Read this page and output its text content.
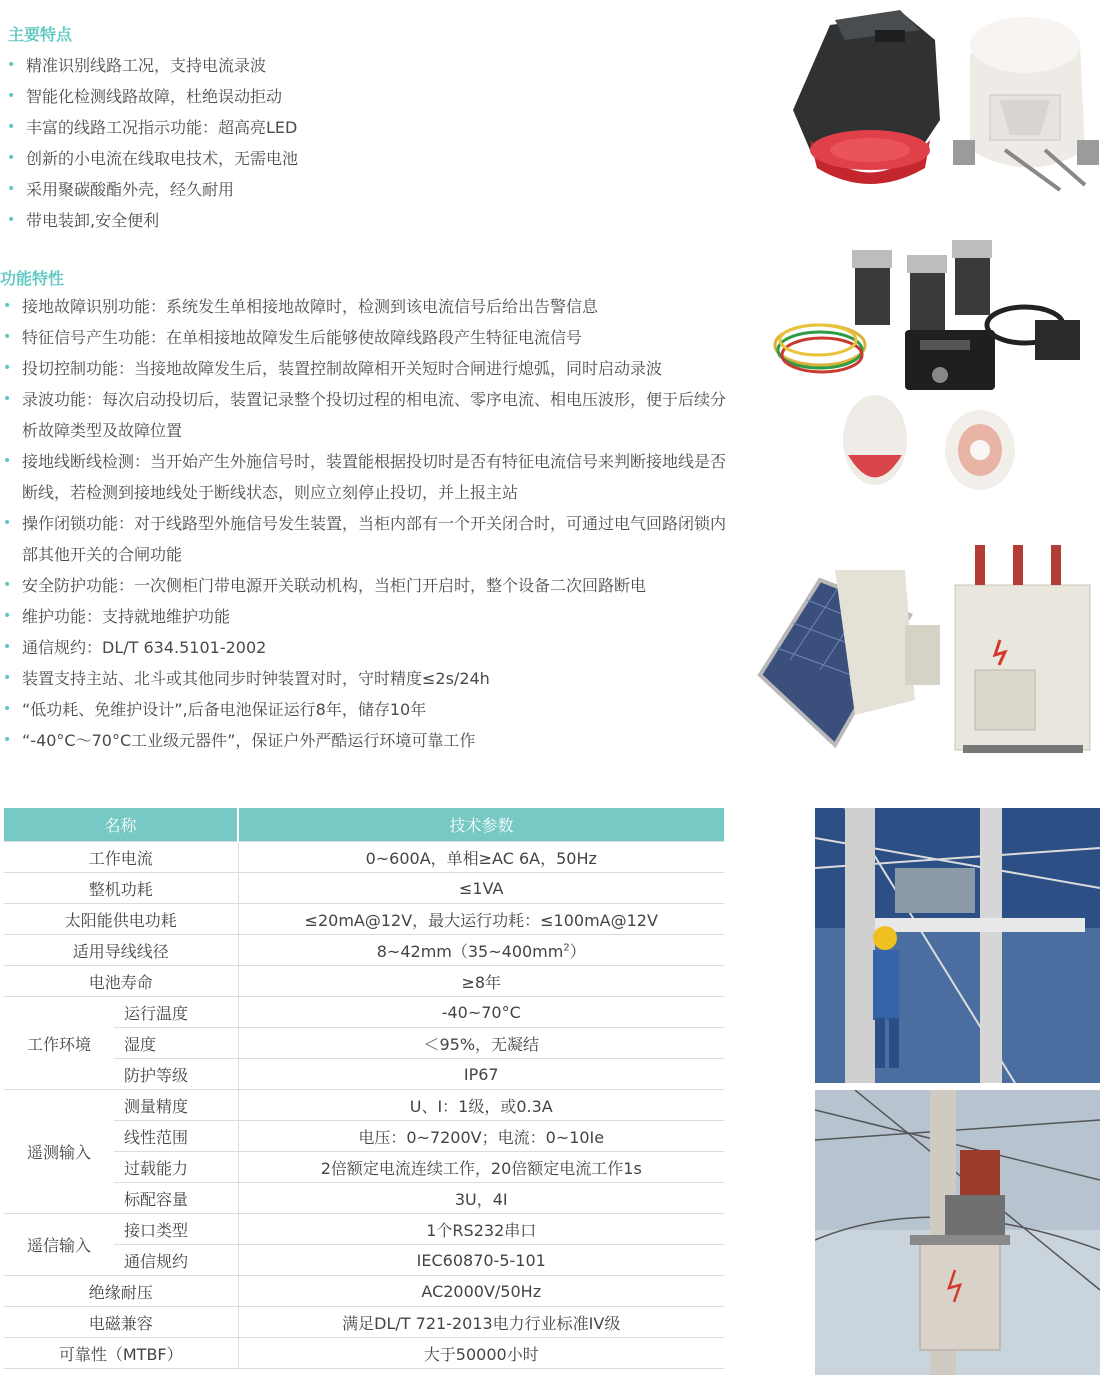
主要特点
• 精准识别线路工况，支持电流录波
• 智能化检测线路故障，杜绝误动拒动
• 丰富的线路工况指示功能：超高亮LED
• 创新的小电流在线取电技术，无需电池
• 采用聚碳酸酯外壳，经久耐用
• 带电装卸,安全便利
功能特性
• 接地故障识别功能：系统发生单相接地故障时，检测到该电流信号后给出告警信息
• 特征信号产生功能：在单相接地故障发生后能够使故障线路段产生特征电流信号
• 投切控制功能：当接地故障发生后，装置控制故障相开关短时合闸进行熄弧，同时启动录波
• 录波功能：每次启动投切后，装置记录整个投切过程的相电流、零序电流、相电压波形，便于后续分析故障类型及故障位置
• 接地线断线检测：当开始产生外施信号时，装置能根据投切时是否有特征电流信号来判断接地线是否断线，若检测到接地线处于断线状态，则应立刻停止投切，并上报主站
• 操作闭锁功能：对于线路型外施信号发生装置，当柜内部有一个开关闭合时，可通过电气回路闭锁内部其他开关的合闸功能
• 安全防护功能：一次侧柜门带电源开关联动机构，当柜门开启时，整个设备二次回路断电
• 维护功能：支持就地维护功能
• 通信规约：DL/T 634.5101-2002
• 装置支持主站、北斗或其他同步时钟装置对时，守时精度≤2s/24h
• “低功耗、免维护设计”,后备电池保证运行8年，储存10年
• “-40°C～70°C工业级元器件”，保证户外严酷运行环境可靠工作
名称		技术参数
工作电流		0~600A，单相≥AC 6A，50Hz
整机功耗		≤1VA
太阳能供电功耗		≤20mA@12V，最大运行功耗：≤100mA@12V
适用导线线径		$8\sim 42mm(35\sim 400mm^2)$
电池寿命		≥8年
工作环境	运行温度	-40~70°C
	湿度	＜95%，无凝结
	防护等级	IP67
遥测输入	测量精度	U、I：1级，或0.3A
	线性范围	电压：0~7200V；电流：0~10Ie
	过载能力	2倍额定电流连续工作，20倍额定电流工作1s
	标配容量	3U，4I
遥信输入	接口类型	1个RS232串口
	通信规约	IEC60870-5-101
绝缘耐压		AC2000V/50Hz
电磁兼容		满足DL/T 721-2013电力行业标准IV级
可靠性（MTBF）		大于50000小时
